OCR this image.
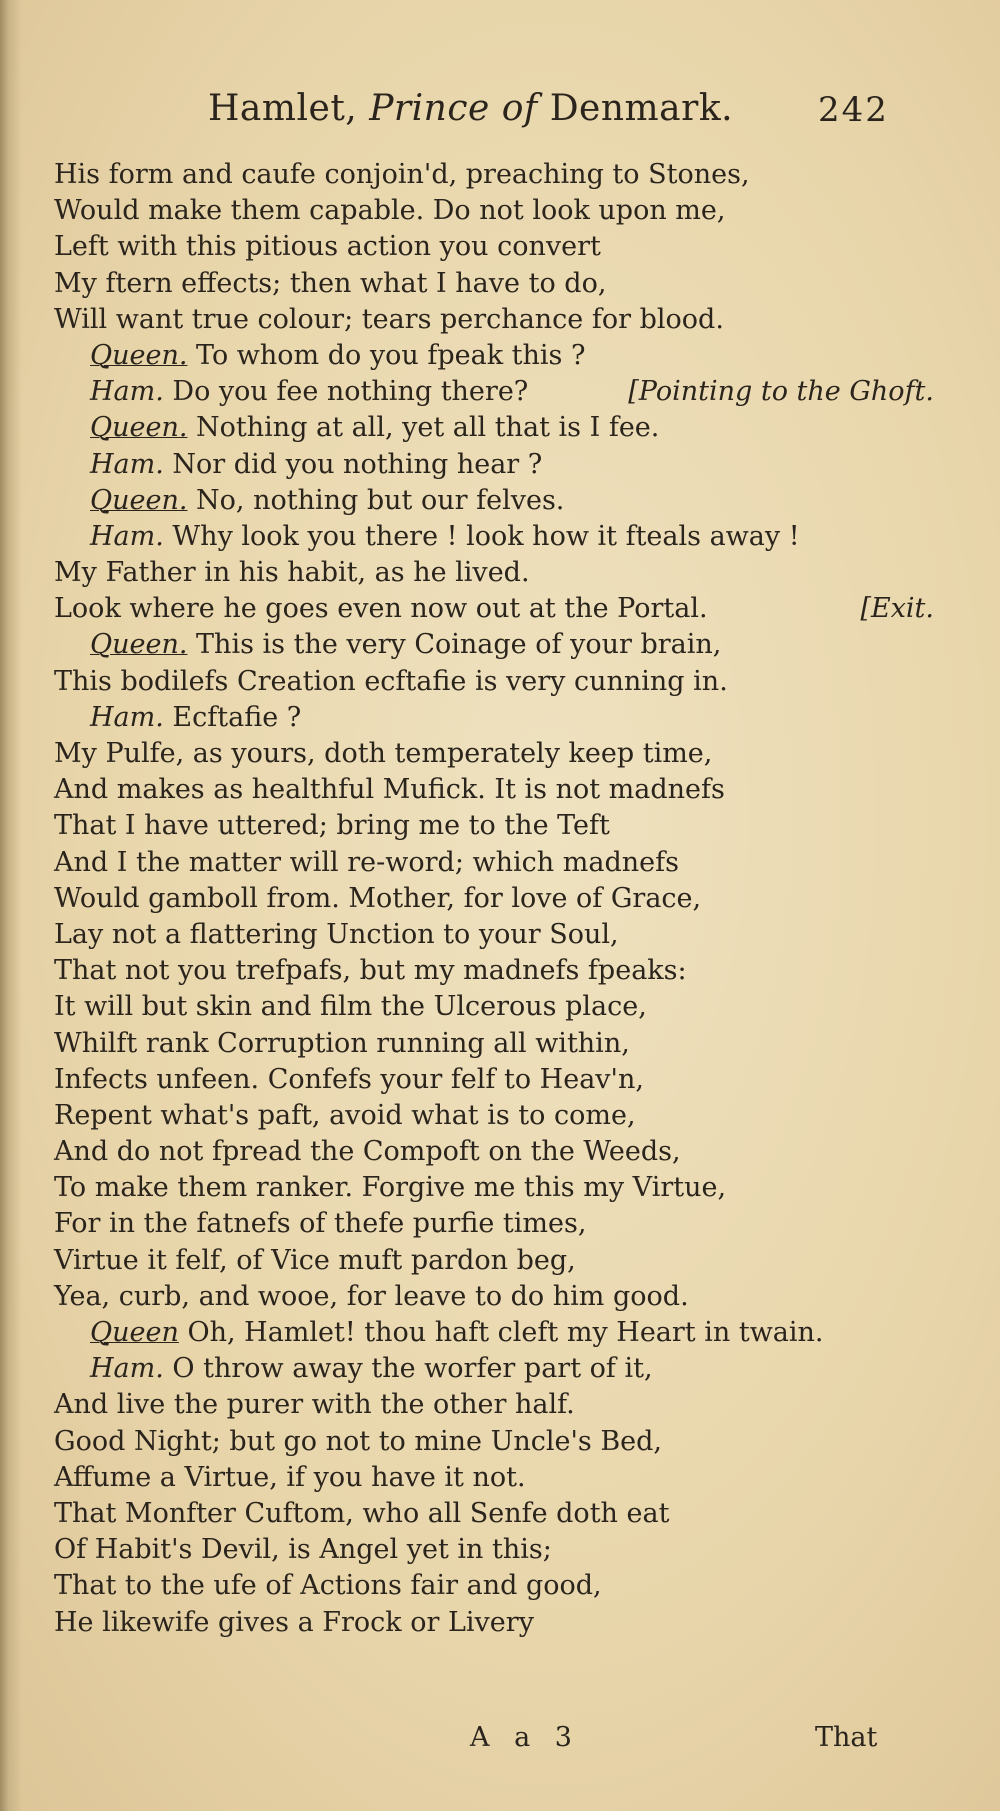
Hamlet, Prince of Denmark. 242
His form and caufe conjoin'd, preaching to Stones,
Would make them capable. Do not look upon me,
Left with this pitious action you convert
My ftern effects; then what I have to do,
Will want true colour; tears perchance for blood.
Queen. To whom do you fpeak this ?
Ham. Do you fee nothing there?	[Pointing to the Ghoft.
Queen. Nothing at all, yet all that is I fee.
Ham. Nor did you nothing hear ?
Queen. No, nothing but our felves.
Ham. Why look you there ! look how it fteals away !
My Father in his habit, as he lived.
Look where he goes even now out at the Portal.	[Exit.
Queen. This is the very Coinage of your brain,
This bodilefs Creation ecftafie is very cunning in.
Ham. Ecftafie ?
My Pulfe, as yours, doth temperately keep time,
And makes as healthful Mufick. It is not madnefs
That I have uttered; bring me to the Teft
And I the matter will re-word; which madnefs
Would gamboll from. Mother, for love of Grace,
Lay not a flattering Unction to your Soul,
That not you trefpafs, but my madnefs fpeaks:
It will but skin and film the Ulcerous place,
Whilft rank Corruption running all within,
Infects unfeen. Confefs your felf to Heav'n,
Repent what's paft, avoid what is to come,
And do not fpread the Compoft on the Weeds,
To make them ranker. Forgive me this my Virtue,
For in the fatnefs of thefe purfie times,
Virtue it felf, of Vice muft pardon beg,
Yea, curb, and wooe, for leave to do him good.
Queen Oh, Hamlet! thou haft cleft my Heart in twain.
Ham. O throw away the worfer part of it,
And live the purer with the other half.
Good Night; but go not to mine Uncle's Bed,
Affume a Virtue, if you have it not.
That Monfter Cuftom, who all Senfe doth eat
Of Habit's Devil, is Angel yet in this;
That to the ufe of Actions fair and good,
He likewife gives a Frock or Livery
A a 3	That
